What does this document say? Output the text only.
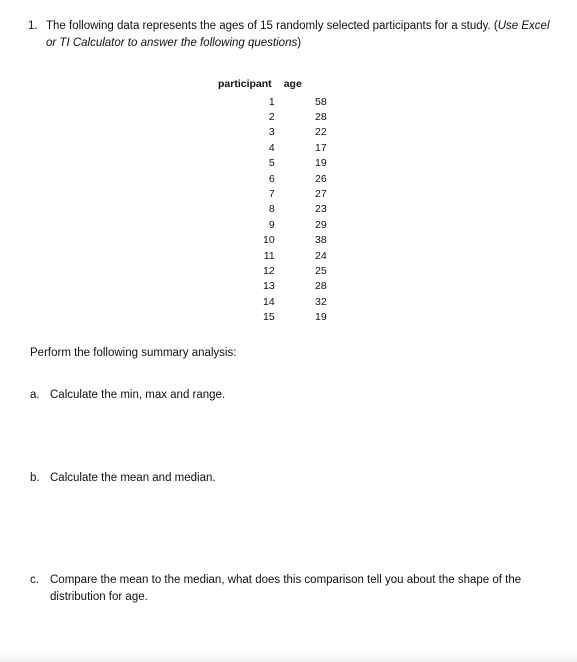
1. The following data represents the ages of 15 randomly selected participants for a study. (Use Excel or TI Calculator to answer the following questions)
participant	age
1	58
2	28
3	22
4	17
5	19
6	26
7	27
8	23
9	29
10	38
11	24
12	25
13	28
14	32
15	19
Perform the following summary analysis:
a. Calculate the min, max and range.
b. Calculate the mean and median.
c. Compare the mean to the median, what does this comparison tell you about the shape of the distribution for age.
